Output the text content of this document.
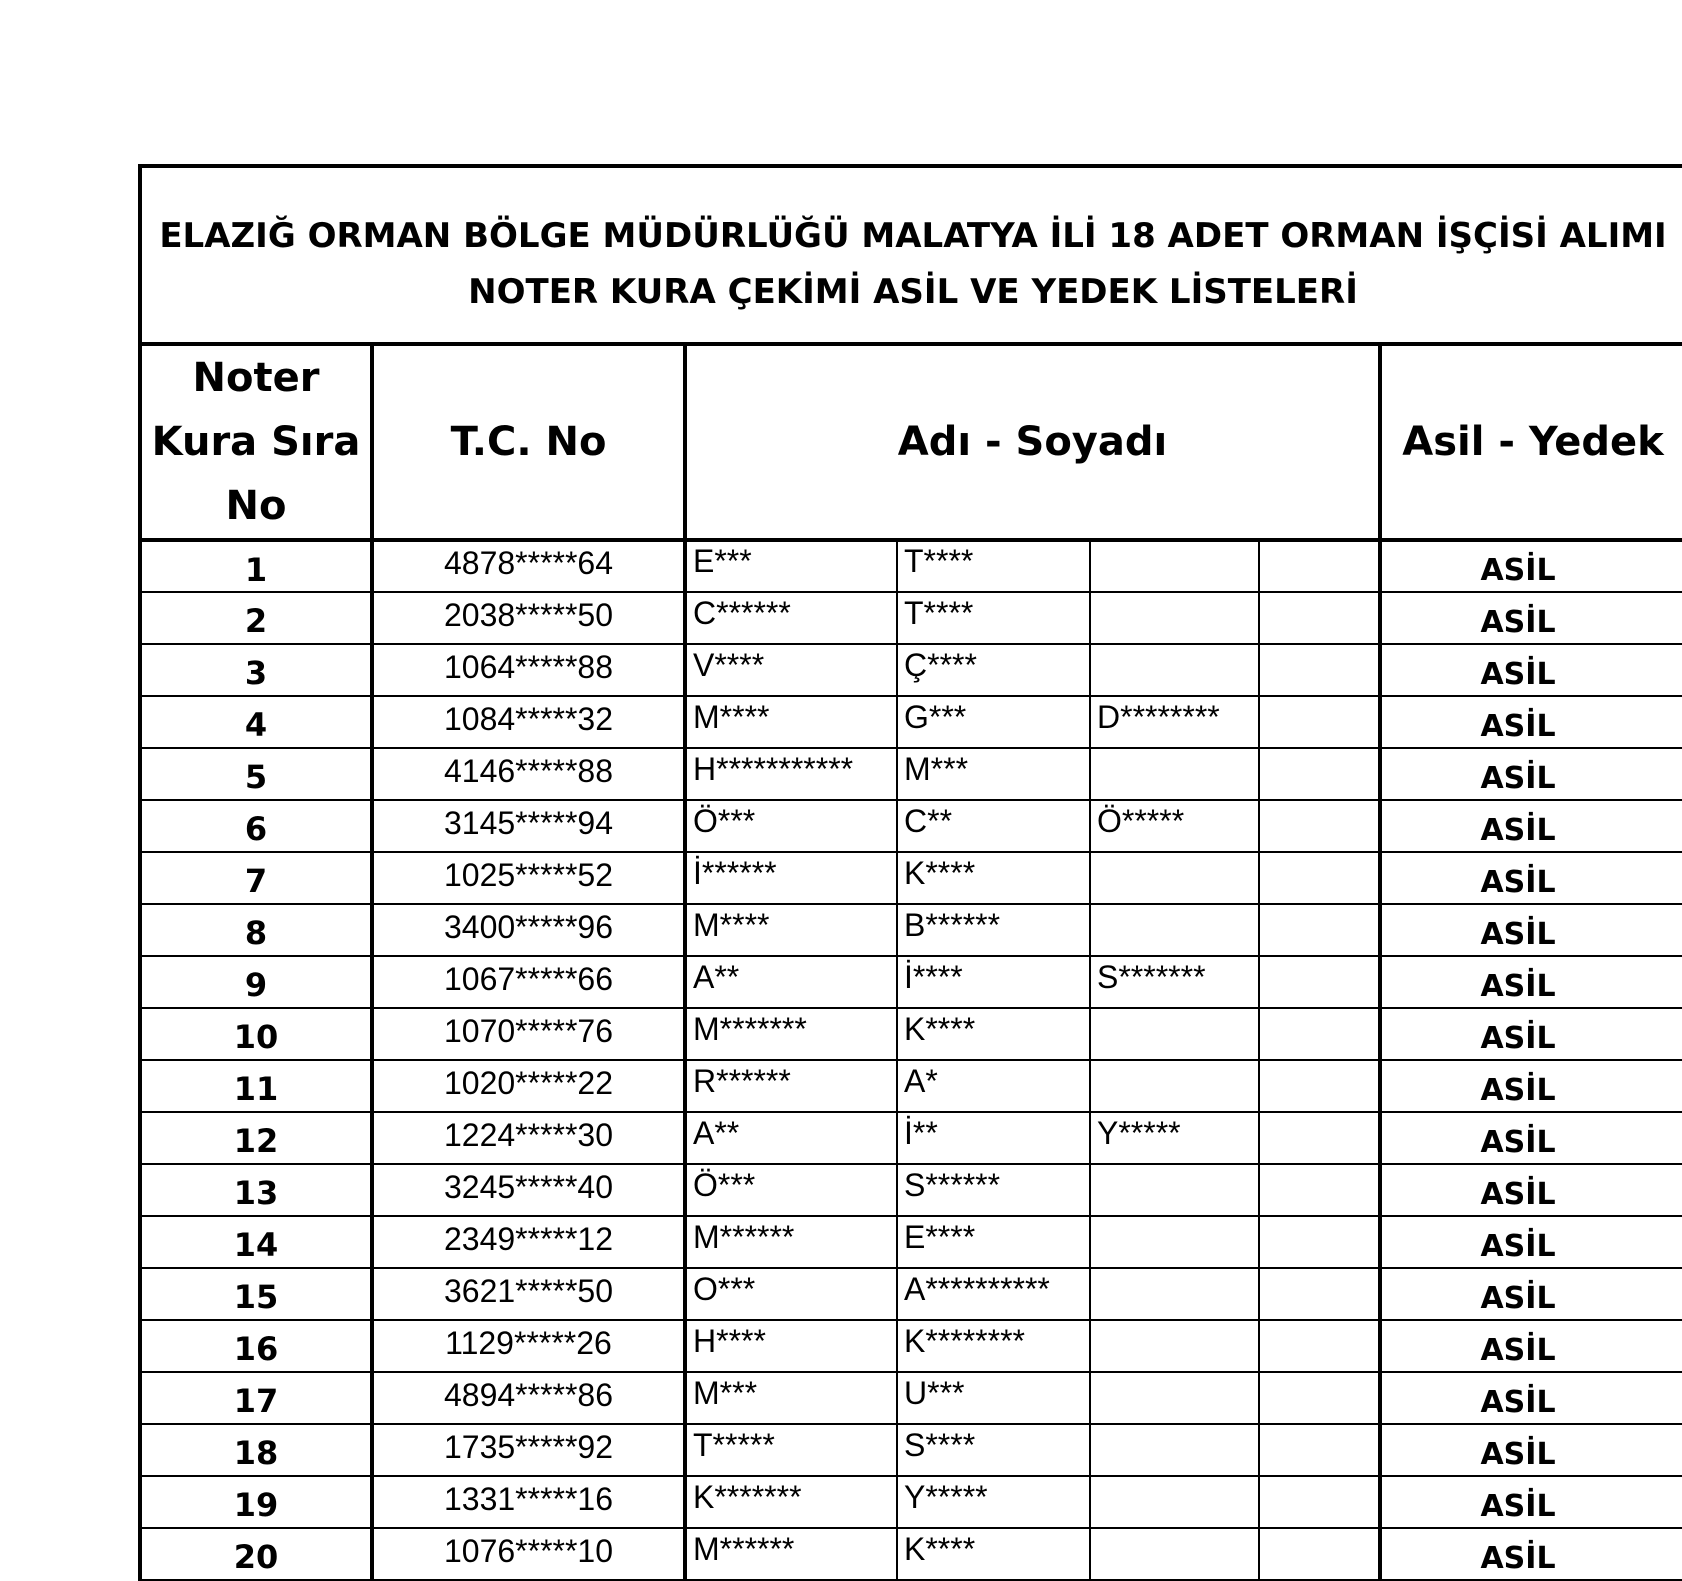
ELAZIĞ ORMAN BÖLGE MÜDÜRLÜĞÜ MALATYA İLİ 18 ADET ORMAN İŞÇİSİ ALIMI
NOTER KURA ÇEKİMİ ASİL VE YEDEK LİSTELERİ						

Noter
Kura Sıra
No	T.C. No	Adı - Soyadı				Asil - Yedek
1	4878*****64	E***	T****			ASİL
2	2038*****50	C******	T****			ASİL
3	1064*****88	V****	Ç****			ASİL
4	1084*****32	M****	G***	D********		ASİL
5	4146*****88	H***********	M***			ASİL
6	3145*****94	Ö***	C**	Ö*****		ASİL
7	1025*****52	İ******	K****			ASİL
8	3400*****96	M****	B******			ASİL
9	1067*****66	A**	İ****	S*******		ASİL
10	1070*****76	M*******	K****			ASİL
11	1020*****22	R******	A*			ASİL
12	1224*****30	A**	İ**	Y*****		ASİL
13	3245*****40	Ö***	S******			ASİL
14	2349*****12	M******	E****			ASİL
15	3621*****50	O***	A**********			ASİL
16	1129*****26	H****	K********			ASİL
17	4894*****86	M***	U***			ASİL
18	1735*****92	T*****	S****			ASİL
19	1331*****16	K*******	Y*****			ASİL
20	1076*****10	M******	K****			ASİL
